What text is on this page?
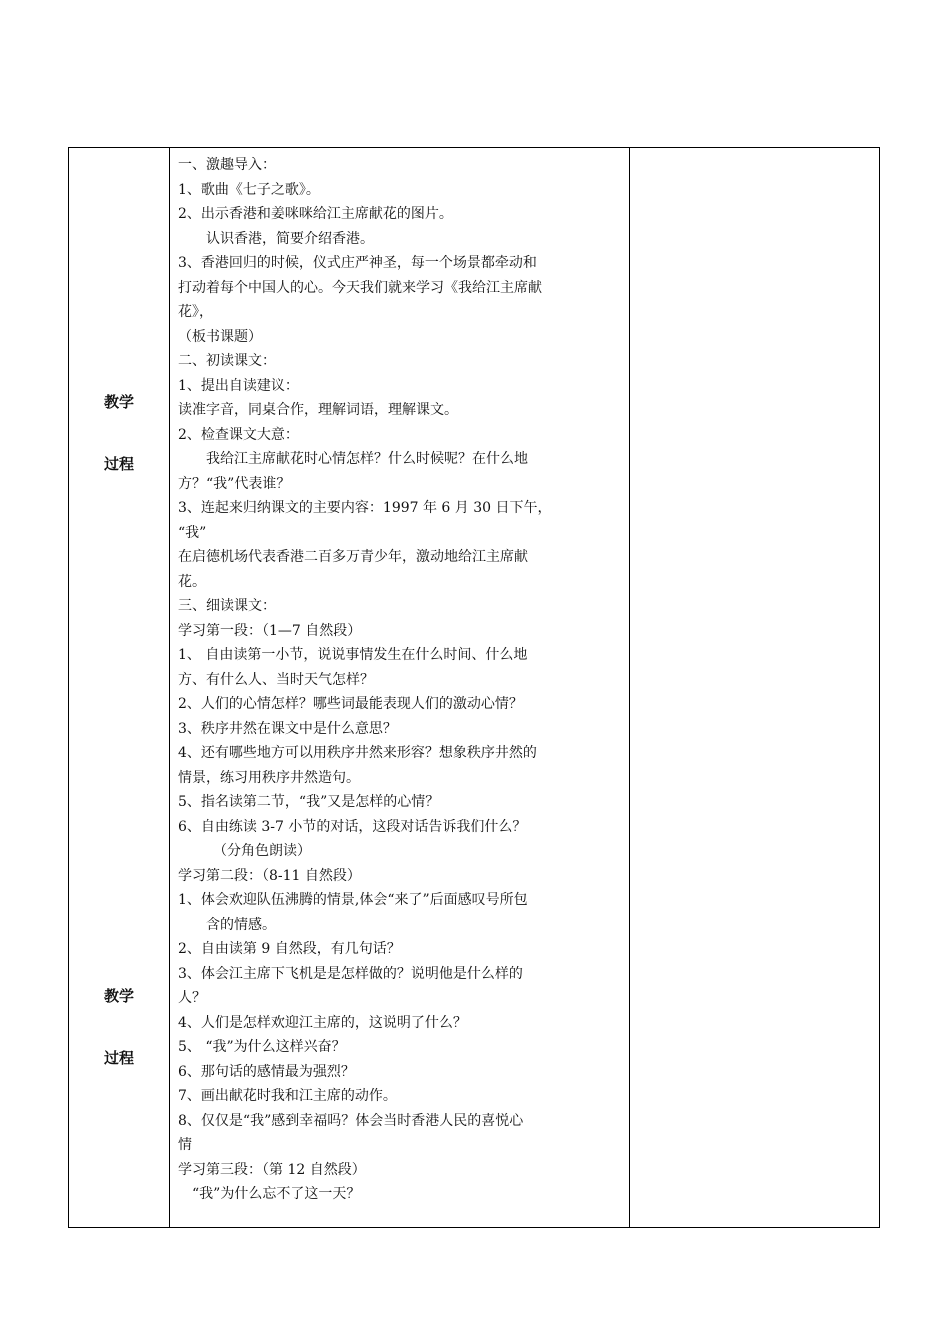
教学
过程
教学
过程

一、激趣导入：

1、歌曲《七子之歌》。

2、出示香港和姜咪咪给江主席献花的图片。

认识香港，简要介绍香港。

3、香港回归的时候，仪式庄严神圣，每一个场景都牵动和

打动着每个中国人的心。今天我们就来学习《我给江主席献

花》，

（板书课题）

二、初读课文：

1、提出自读建议：

读准字音，同桌合作，理解词语，理解课文。

2、检查课文大意：

我给江主席献花时心情怎样？什么时候呢？在什么地

方？“我”代表谁？

3、连起来归纳课文的主要内容：1997 年 6 月 30 日下午，

“我”

在启德机场代表香港二百多万青少年，激动地给江主席献

花。

三、细读课文：

学习第一段：（1—7 自然段）

1、 自由读第一小节，说说事情发生在什么时间、什么地

方、有什么人、当时天气怎样？

2、人们的心情怎样？哪些词最能表现人们的激动心情？

3、秩序井然在课文中是什么意思？

4、还有哪些地方可以用秩序井然来形容？想象秩序井然的

情景，练习用秩序井然造句。

5、指名读第二节，“我”又是怎样的心情？

6、自由练读 3-7 小节的对话，这段对话告诉我们什么？

（分角色朗读）

学习第二段：（8-11 自然段）

1、体会欢迎队伍沸腾的情景,体会“来了”后面感叹号所包

含的情感。

2、自由读第 9 自然段，有几句话？

3、体会江主席下飞机是是怎样做的？说明他是什么样的

人？

4、人们是怎样欢迎江主席的，这说明了什么？

5、 “我”为什么这样兴奋？

6、那句话的感情最为强烈？

7、画出献花时我和江主席的动作。

8、仅仅是“我”感到幸福吗？体会当时香港人民的喜悦心

情

学习第三段：（第 12 自然段）

“我”为什么忘不了这一天？
